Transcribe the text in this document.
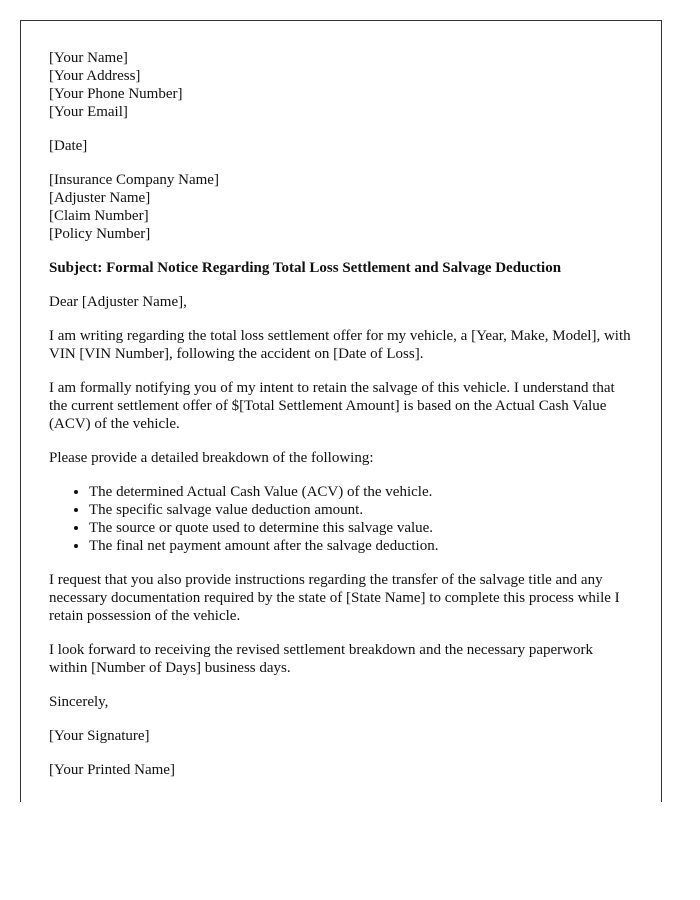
[Your Name]
[Your Address]
[Your Phone Number]
[Your Email]

[Date]

[Insurance Company Name]
[Adjuster Name]
[Claim Number]
[Policy Number]

Subject: Formal Notice Regarding Total Loss Settlement and Salvage Deduction

Dear [Adjuster Name],

I am writing regarding the total loss settlement offer for my vehicle, a [Year, Make, Model], with VIN [VIN Number], following the accident on [Date of Loss].

I am formally notifying you of my intent to retain the salvage of this vehicle. I understand that the current settlement offer of $[Total Settlement Amount] is based on the Actual Cash Value (ACV) of the vehicle.

Please provide a detailed breakdown of the following:

• The determined Actual Cash Value (ACV) of the vehicle.
• The specific salvage value deduction amount.
• The source or quote used to determine this salvage value.
• The final net payment amount after the salvage deduction.

I request that you also provide instructions regarding the transfer of the salvage title and any necessary documentation required by the state of [State Name] to complete this process while I retain possession of the vehicle.

I look forward to receiving the revised settlement breakdown and the necessary paperwork within [Number of Days] business days.

Sincerely,

[Your Signature]

[Your Printed Name]
